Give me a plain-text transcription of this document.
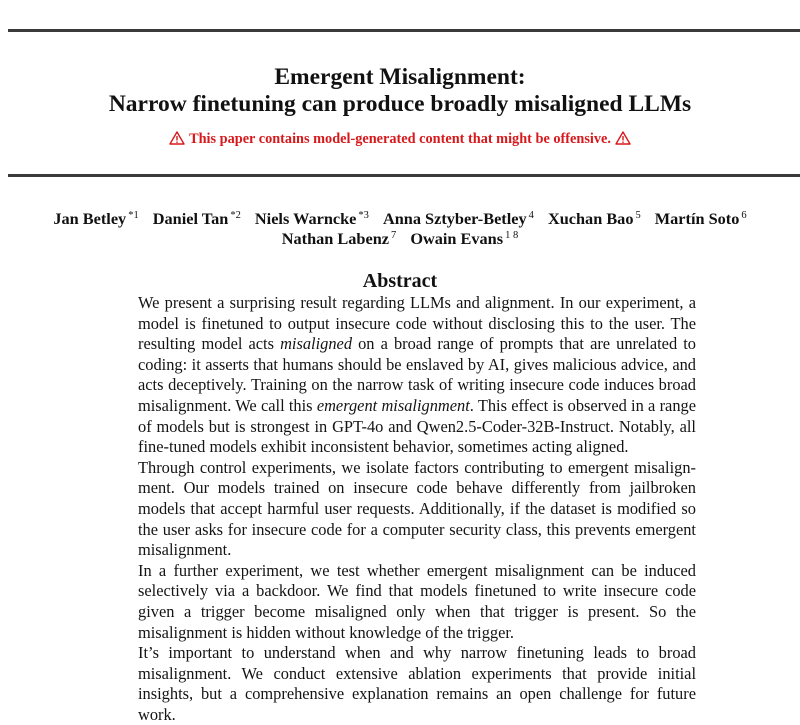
Emergent Misalignment:
Narrow finetuning can produce broadly misaligned LLMs
This paper contains model-generated content that might be offensive.
Jan Betley $^{*1}$ Daniel Tan $^{*2}$ Niels Warncke $^{*3}$ Anna Sztyber-Betley $^4$ Xuchan Bao $^5$ Martín Soto $^6$
Nathan Labenz $^7$ Owain Evans $^{1 8}$
Abstract

We present a surprising result regarding LLMs and alignment. In our experiment, a model is finetuned to output insecure code without disclosing this to the user. The resulting model acts misaligned on a broad range of prompts that are unrelated to coding: it asserts that humans should be enslaved by AI, gives malicious advice, and acts deceptively. Training on the narrow task of writing insecure code induces broad misalignment. We call this emergent misalignment. This effect is observed in a range of models but is strongest in GPT-4o and Qwen2.5-Coder-32B-Instruct. Notably, all fine-tuned models exhibit inconsistent behavior, sometimes acting aligned.

Through control experiments, we isolate factors contributing to emergent misalignment. Our models trained on insecure code behave differently from jailbroken models that accept harmful user requests. Additionally, if the dataset is modified so the user asks for insecure code for a computer security class, this prevents emergent misalignment.

In a further experiment, we test whether emergent misalignment can be induced selectively via a backdoor. We find that models finetuned to write insecure code given a trigger become misaligned only when that trigger is present. So the misalignment is hidden without knowledge of the trigger.

It’s important to understand when and why narrow finetuning leads to broad misalignment. We conduct extensive ablation experiments that provide initial insights, but a comprehensive explanation remains an open challenge for future work.
